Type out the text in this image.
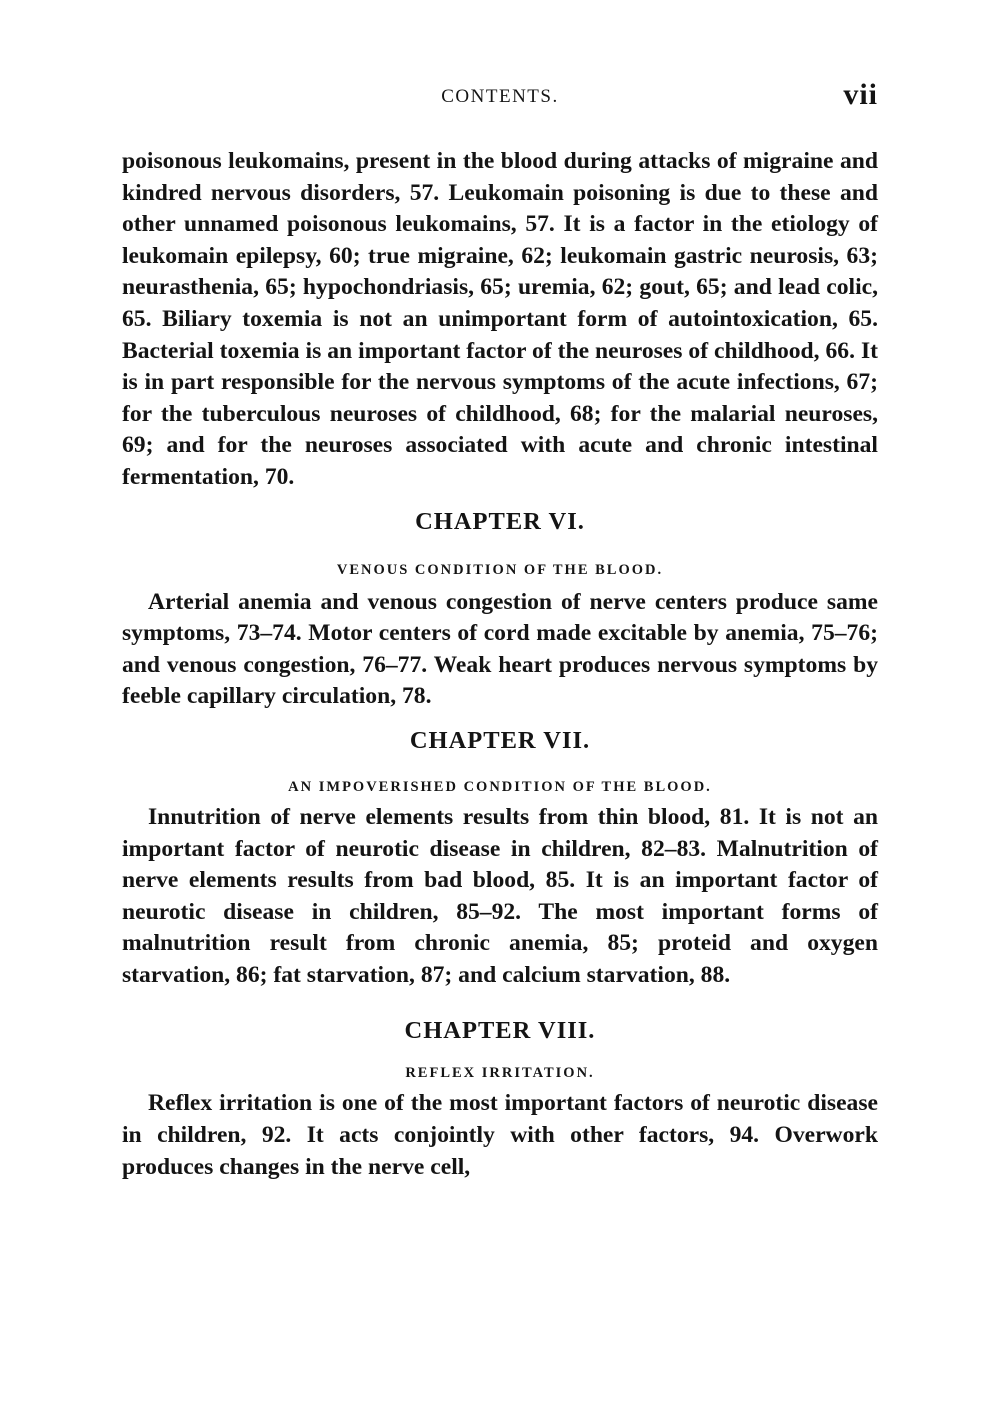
CONTENTS.	vii

poisonous leukomains, present in the blood during attacks of migraine and kindred nervous disorders, 57. Leukomain poisoning is due to these and other unnamed poisonous leukomains, 57. It is a factor in the etiology of leukomain epilepsy, 60; true migraine, 62; leukomain gastric neurosis, 63; neurasthenia, 65; hypochondriasis, 65; uremia, 62; gout, 65; and lead colic, 65. Biliary toxemia is not an unimportant form of autointoxication, 65. Bacterial toxemia is an important factor of the neuroses of childhood, 66. It is in part responsible for the nervous symptoms of the acute infections, 67; for the tuberculous neuroses of childhood, 68; for the malarial neuroses, 69; and for the neuroses associated with acute and chronic intestinal fermentation, 70.

CHAPTER VI.
VENOUS CONDITION OF THE BLOOD.

Arterial anemia and venous congestion of nerve centers produce same symptoms, 73–74. Motor centers of cord made excitable by anemia, 75–76; and venous congestion, 76–77. Weak heart produces nervous symptoms by feeble capillary circulation, 78.

CHAPTER VII.
AN IMPOVERISHED CONDITION OF THE BLOOD.

Innutrition of nerve elements results from thin blood, 81. It is not an important factor of neurotic disease in children, 82–83. Malnutrition of nerve elements results from bad blood, 85. It is an important factor of neurotic disease in children, 85–92. The most important forms of malnutrition result from chronic anemia, 85; proteid and oxygen starvation, 86; fat starvation, 87; and calcium starvation, 88.

CHAPTER VIII.
REFLEX IRRITATION.

Reflex irritation is one of the most important factors of neurotic disease in children, 92. It acts conjointly with other factors, 94. Overwork produces changes in the nerve cell,
